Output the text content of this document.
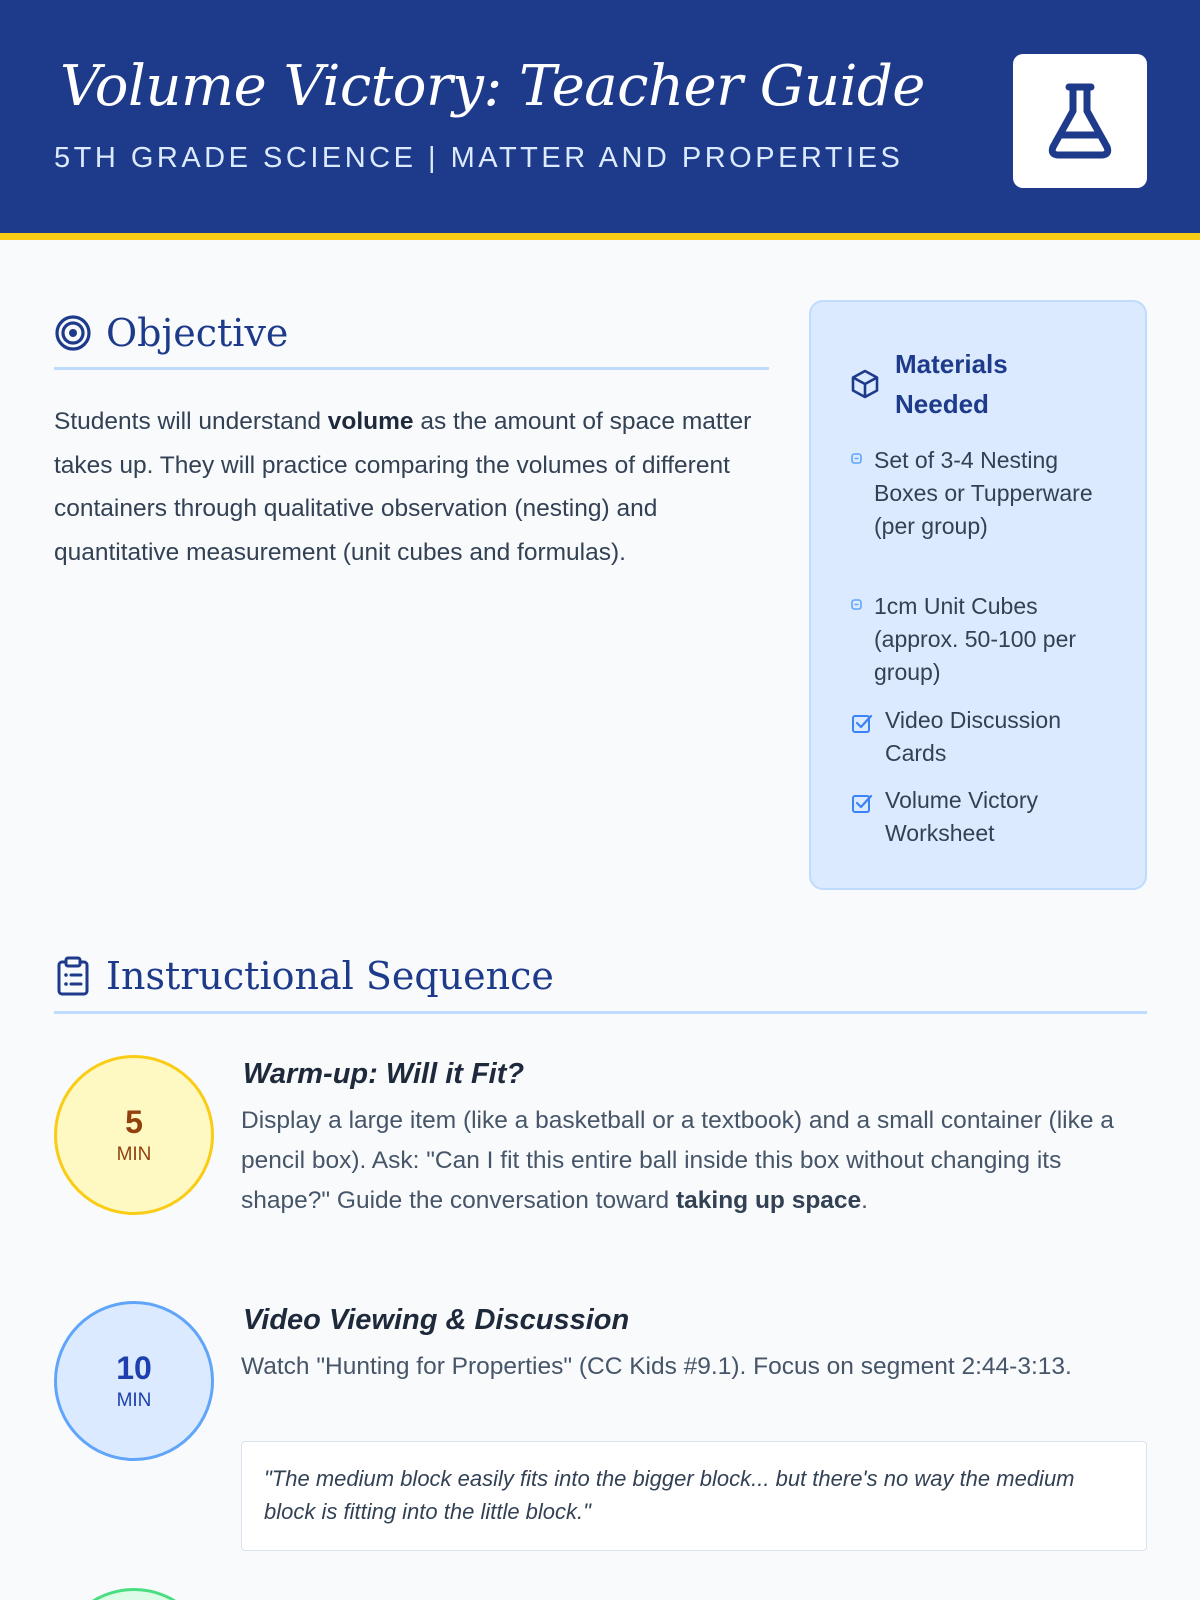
Volume Victory: Teacher Guide
5TH GRADE SCIENCE | MATTER AND PROPERTIES
Objective

Students will understand volume as the amount of space matter takes up. They will practice comparing the volumes of different containers through qualitative observation (nesting) and quantitative measurement (unit cubes and formulas).

Materials Needed
Set of 3-4 Nesting Boxes or Tupperware (per group)
1cm Unit Cubes (approx. 50-100 per group)
Video Discussion Cards
Volume Victory Worksheet
Instructional Sequence
5
MIN
Warm-up: Will it Fit?

Display a large item (like a basketball or a textbook) and a small container (like a pencil box). Ask: "Can I fit this entire ball inside this box without changing its shape?" Guide the conversation toward taking up space.

10
MIN
Video Viewing & Discussion

Watch "Hunting for Properties" (CC Kids #9.1). Focus on segment 2:44-3:13.

"The medium block easily fits into the bigger block... but there's no way the medium block is fitting into the little block."
